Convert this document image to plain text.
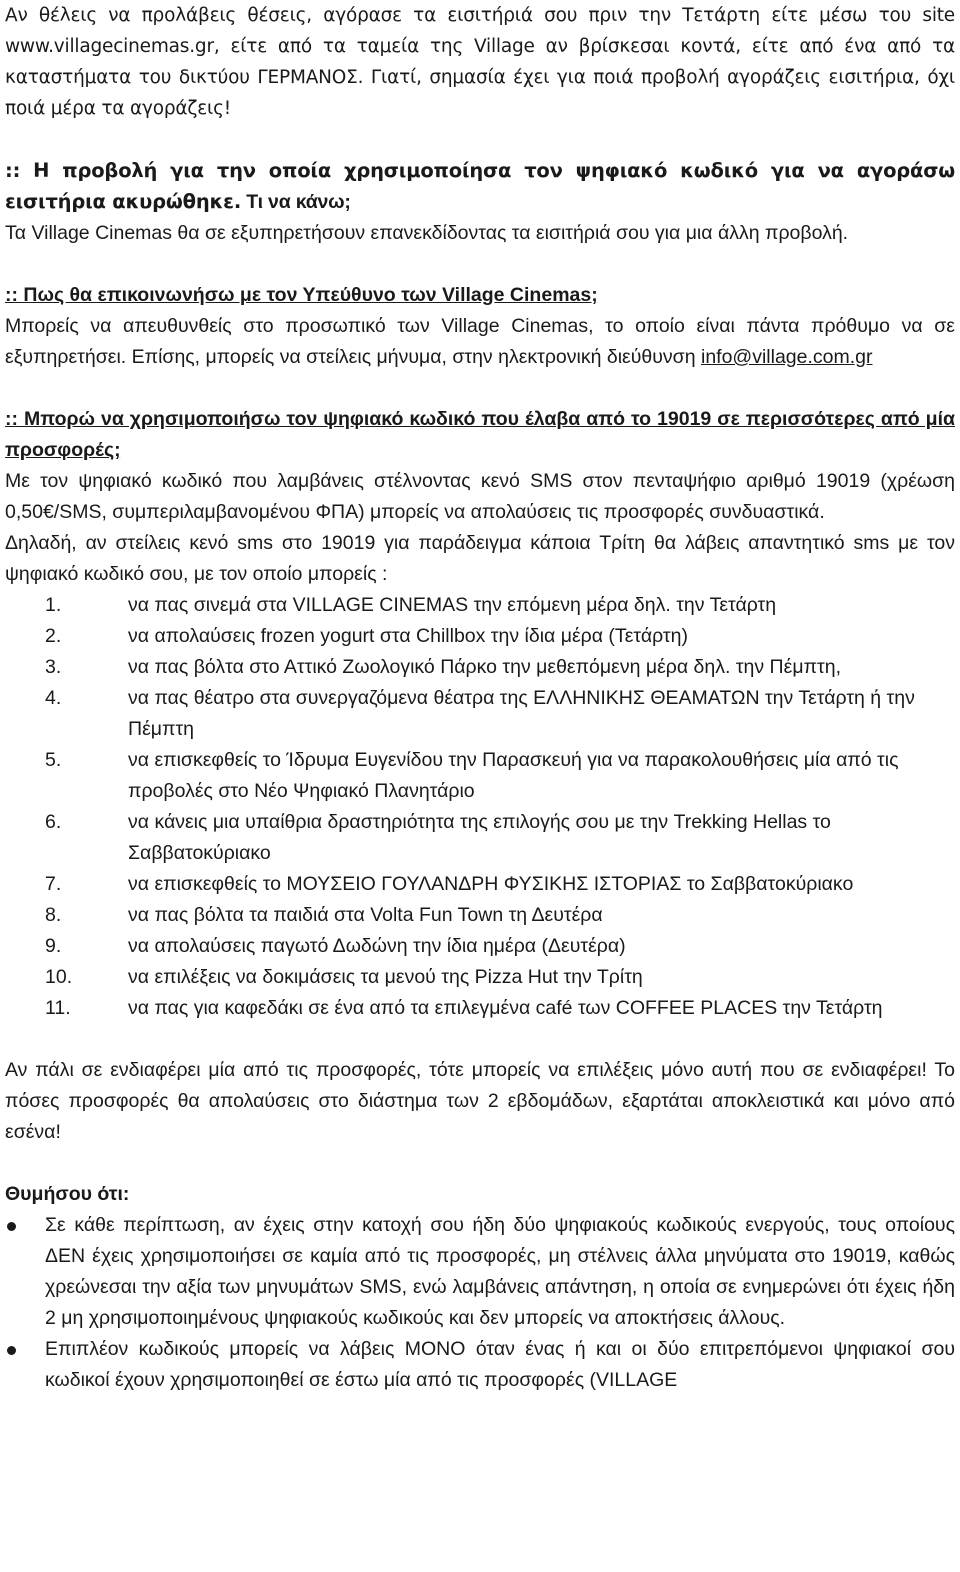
Αν θέλεις να προλάβεις θέσεις, αγόρασε τα εισιτήριά σου πριν την Τετάρτη είτε μέσω του site www.villagecinemas.gr, είτε από τα ταμεία της Village αν βρίσκεσαι κοντά, είτε από ένα από τα καταστήματα του δικτύου ΓΕΡΜΑΝΟΣ. Γιατί, σημασία έχει για ποιά προβολή αγοράζεις εισιτήρια, όχι ποιά μέρα τα αγοράζεις!

:: Η προβολή για την οποία χρησιμοποίησα τον ψηφιακό κωδικό για να αγοράσω εισιτήρια ακυρώθηκε. Τι να κάνω;

Τα Village Cinemas θα σε εξυπηρετήσουν επανεκδίδοντας τα εισιτήριά σου για μια άλλη προβολή.

:: Πως θα επικοινωνήσω με τον Υπεύθυνο των Village Cinemas;

Μπορείς να απευθυνθείς στο προσωπικό των Village Cinemas, το οποίο είναι πάντα πρόθυμο να σε εξυπηρετήσει. Επίσης, μπορείς να στείλεις μήνυμα, στην ηλεκτρονική διεύθυνση info@village.com.gr

:: Μπορώ να χρησιμοποιήσω τον ψηφιακό κωδικό που έλαβα από το 19019 σε περισσότερες από μία προσφορές;

Με τον ψηφιακό κωδικό που λαμβάνεις στέλνοντας κενό SMS στον πενταψήφιο αριθμό 19019 (χρέωση 0,50€/SMS, συμπεριλαμβανομένου ΦΠΑ) μπορείς να απολαύσεις τις προσφορές συνδυαστικά.

Δηλαδή, αν στείλεις κενό sms στο 19019 για παράδειγμα κάποια Τρίτη θα λάβεις απαντητικό sms με τον ψηφιακό κωδικό σου, με τον οποίο μπορείς :

1.	να πας σινεμά στα VILLAGE CINEMAS την επόμενη μέρα δηλ. την Τετάρτη
2.	να απολαύσεις frozen yogurt στα Chillbox την ίδια μέρα (Τετάρτη)
3.	να πας βόλτα στο Αττικό Ζωολογικό Πάρκο την μεθεπόμενη μέρα δηλ. την Πέμπτη,
4.	να πας θέατρο στα συνεργαζόμενα θέατρα της ΕΛΛΗΝΙΚΗΣ ΘΕΑΜΑΤΩΝ την Τετάρτη ή την Πέμπτη
5.	να επισκεφθείς το Ίδρυμα Ευγενίδου την Παρασκευή για να παρακολουθήσεις μία από τις προβολές στο Νέο Ψηφιακό Πλανητάριο
6.	να κάνεις μια υπαίθρια δραστηριότητα της επιλογής σου με την Trekking Hellas το Σαββατοκύριακο
7.	να επισκεφθείς το ΜΟΥΣΕΙΟ ΓΟΥΛΑΝΔΡΗ ΦΥΣΙΚΗΣ ΙΣΤΟΡΙΑΣ το Σαββατοκύριακο
8.	να πας βόλτα τα παιδιά στα Volta Fun Town τη Δευτέρα
9.	να απολαύσεις παγωτό Δωδώνη την ίδια ημέρα (Δευτέρα)
10.	να επιλέξεις να δοκιμάσεις τα μενού της Pizza Hut την Τρίτη
11.	να πας για καφεδάκι σε ένα από τα επιλεγμένα café των COFFEE PLACES την Τετάρτη

Αν πάλι σε ενδιαφέρει μία από τις προσφορές, τότε μπορείς να επιλέξεις μόνο αυτή που σε ενδιαφέρει! Το πόσες προσφορές θα απολαύσεις στο διάστημα των 2 εβδομάδων, εξαρτάται αποκλειστικά και μόνο από εσένα!

Θυμήσου ότι:

Σε κάθε περίπτωση, αν έχεις στην κατοχή σου ήδη δύο ψηφιακούς κωδικούς ενεργούς, τους οποίους ΔΕΝ έχεις χρησιμοποιήσει σε καμία από τις προσφορές, μη στέλνεις άλλα μηνύματα στο 19019, καθώς χρεώνεσαι την αξία των μηνυμάτων SMS, ενώ λαμβάνεις απάντηση, η οποία σε ενημερώνει ότι έχεις ήδη 2 μη χρησιμοποιημένους ψηφιακούς κωδικούς και δεν μπορείς να αποκτήσεις άλλους.
Επιπλέον κωδικούς μπορείς να λάβεις ΜΟΝΟ όταν ένας ή και οι δύο επιτρεπόμενοι ψηφιακοί σου κωδικοί έχουν χρησιμοποιηθεί σε έστω μία από τις προσφορές (VILLAGE
